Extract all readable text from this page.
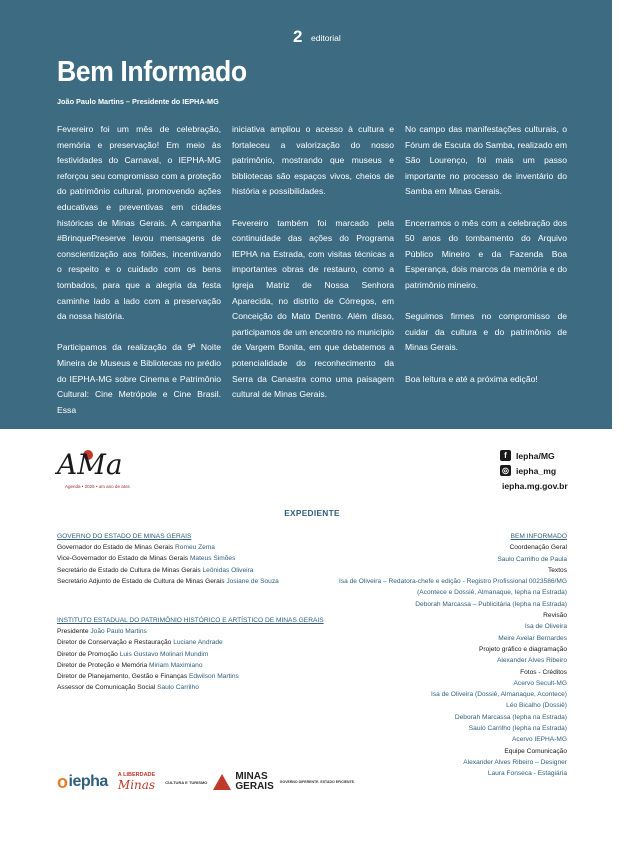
2 editorial
Bem Informado
João Paulo Martins – Presidente do IEPHA-MG

Fevereiro foi um mês de celebração, memória e preservação! Em meio às festividades do Carnaval, o IEPHA-MG reforçou seu compromisso com a proteção do patrimônio cultural, promovendo ações educativas e preventivas em cidades históricas de Minas Gerais. A campanha #BrinquePreserve levou mensagens de conscientização aos foliões, incentivando o respeito e o cuidado com os bens tombados, para que a alegria da festa caminhe lado a lado com a preservação da nossa história.

Participamos da realização da 9ª Noite Mineira de Museus e Bibliotecas no prédio do IEPHA-MG sobre Cinema e Patrimônio Cultural: Cine Metrópole e Cine Brasil. Essa

iniciativa ampliou o acesso à cultura e fortaleceu a valorização do nosso patrimônio, mostrando que museus e bibliotecas são espaços vivos, cheios de história e possibilidades.

Fevereiro também foi marcado pela continuidade das ações do Programa IEPHA na Estrada, com visitas técnicas a importantes obras de restauro, como a Igreja Matriz de Nossa Senhora Aparecida, no distrito de Córregos, em Conceição do Mato Dentro. Além disso, participamos de um encontro no município de Vargem Bonita, em que debatemos a potencialidade do reconhecimento da Serra da Canastra como uma paisagem cultural de Minas Gerais.

No campo das manifestações culturais, o Fórum de Escuta do Samba, realizado em São Lourenço, foi mais um passo importante no processo de inventário do Samba em Minas Gerais.

Encerramos o mês com a celebração dos 50 anos do tombamento do Arquivo Público Mineiro e da Fazenda Boa Esperança, dois marcos da memória e do patrimônio mineiro.

Seguimos firmes no compromisso de cuidar da cultura e do patrimônio de Minas Gerais.

Boa leitura e até a próxima edição!

AMa
Agenda • 2025 • um ano de atos
f	Iepha/MG
◎ iepha_mg
iepha.mg.gov.br
EXPEDIENTE
GOVERNO DO ESTADO DE MINAS GERAIS
Governador do Estado de Minas Gerais Romeu Zema
Vice-Governador do Estado de Minas Gerais Mateus Simões
Secretário de Estado de Cultura de Minas Gerais Leônidas Oliveira
Secretário Adjunto de Estado de Cultura de Minas Gerais Josiane de Souza
INSTITUTO ESTADUAL DO PATRIMÔNIO HISTÓRICO E ARTÍSTICO DE MINAS GERAIS
Presidente João Paulo Martins
Diretor de Conservação e Restauração Luciane Andrade
Diretor de Promoção Luis Gustavo Molinari Mundim
Diretor de Proteção e Memória Miriam Maximiano
Diretor de Planejamento, Gestão e Finanças Edwilson Martins
Assessor de Comunicação Social Saulo Carrilho
BEM INFORMADO
Coordenação Geral
Saulo Carrilho de Paula
Textos
Isa de Oliveira – Redatora-chefe e edição - Registro Profissional 0023586/MG
(Acontece e Dossiê, Almanaque, Iepha na Estrada)
Deborah Marcassa – Publicitária (Iepha na Estrada)
Revisão
Isa de Oliveira
Meire Avelar Bernardes
Projeto gráfico e diagramação
Alexander Alves Ribeiro
Fotos - Créditos
Acervo Secult-MG
Isa de Oliveira (Dossiê, Almanaque, Acontece)
Léo Bicalho (Dossiê)
Deborah Marcassa (Iepha na Estrada)
Saulo Carrilho (Iepha na Estrada)
Acervo IEPHA-MG
Equipe Comunicação
Alexander Alves Ribeiro – Designer
Laura Fonseca - Estagiária
o iepha A LIBERDADE
Minas	CULTURA E TURISMO	MINAS
GERAIS GOVERNO DIFERENTE. ESTADO EFICIENTE.
